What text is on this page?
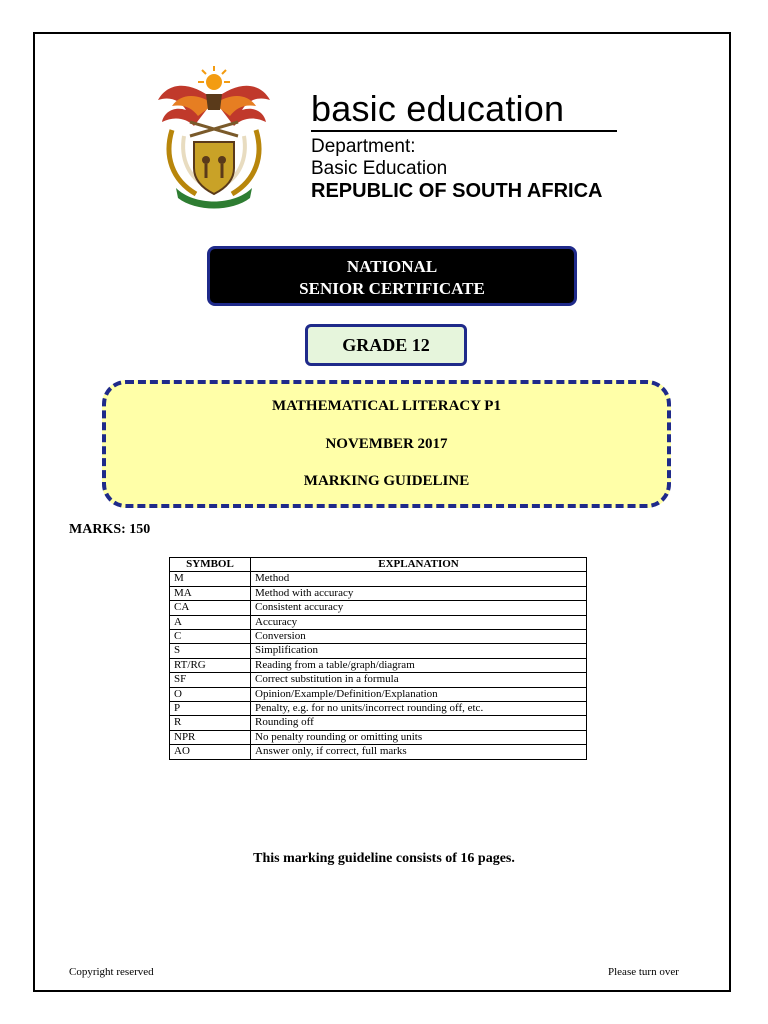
basic education
Department:
Basic Education
REPUBLIC OF SOUTH AFRICA
NATIONAL
SENIOR CERTIFICATE
GRADE 12
MATHEMATICAL LITERACY P1
NOVEMBER 2017
MARKING GUIDELINE
MARKS: 150
SYMBOL	EXPLANATION
M	Method
MA	Method with accuracy
CA	Consistent accuracy
A	Accuracy
C	Conversion
S	Simplification
RT/RG	Reading from a table/graph/diagram
SF	Correct substitution in a formula
O	Opinion/Example/Definition/Explanation
P	Penalty, e.g. for no units/incorrect rounding off, etc.
R	Rounding off
NPR	No penalty rounding or omitting units
AO	Answer only, if correct, full marks
This marking guideline consists of 16 pages.
Copyright reserved	Please turn over
